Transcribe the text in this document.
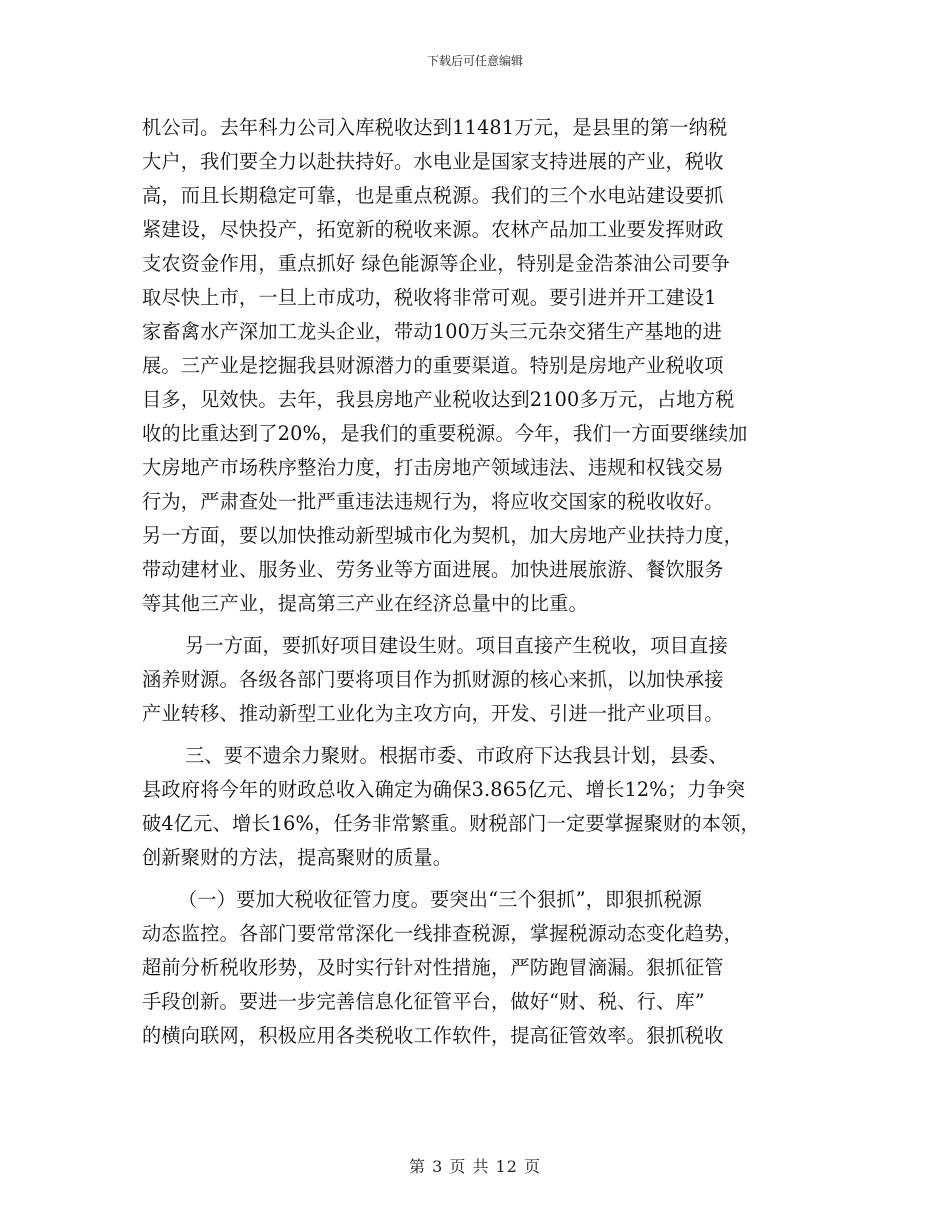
下载后可任意编辑
机公司。去年科力公司入库税收达到11481万元，是县里的第一纳税
大户，我们要全力以赴扶持好。水电业是国家支持进展的产业，税收
高，而且长期稳定可靠，也是重点税源。我们的三个水电站建设要抓
紧建设，尽快投产，拓宽新的税收来源。农林产品加工业要发挥财政
支农资金作用，重点抓好 绿色能源等企业，特别是金浩茶油公司要争
取尽快上市，一旦上市成功，税收将非常可观。要引进并开工建设1
家畜禽水产深加工龙头企业，带动100万头三元杂交猪生产基地的进
展。三产业是挖掘我县财源潜力的重要渠道。特别是房地产业税收项
目多，见效快。去年，我县房地产业税收达到2100多万元，占地方税
收的比重达到了20%，是我们的重要税源。今年，我们一方面要继续加
大房地产市场秩序整治力度，打击房地产领域违法、违规和权钱交易
行为，严肃查处一批严重违法违规行为，将应收交国家的税收收好。
另一方面，要以加快推动新型城市化为契机，加大房地产业扶持力度，
带动建材业、服务业、劳务业等方面进展。加快进展旅游、餐饮服务
等其他三产业，提高第三产业在经济总量中的比重。
另一方面，要抓好项目建设生财。项目直接产生税收，项目直接
涵养财源。各级各部门要将项目作为抓财源的核心来抓，以加快承接
产业转移、推动新型工业化为主攻方向，开发、引进一批产业项目。
三、要不遗余力聚财。根据市委、市政府下达我县计划，县委、
县政府将今年的财政总收入确定为确保3.865亿元、增长12%；力争突
破4亿元、增长16%，任务非常繁重。财税部门一定要掌握聚财的本领，
创新聚财的方法，提高聚财的质量。
（一）要加大税收征管力度。要突出“三个狠抓”，即狠抓税源
动态监控。各部门要常常深化一线排查税源，掌握税源动态变化趋势，
超前分析税收形势，及时实行针对性措施，严防跑冒滴漏。狠抓征管
手段创新。要进一步完善信息化征管平台，做好“财、税、行、库”
的横向联网，积极应用各类税收工作软件，提高征管效率。狠抓税收
第 3 页 共 12 页
